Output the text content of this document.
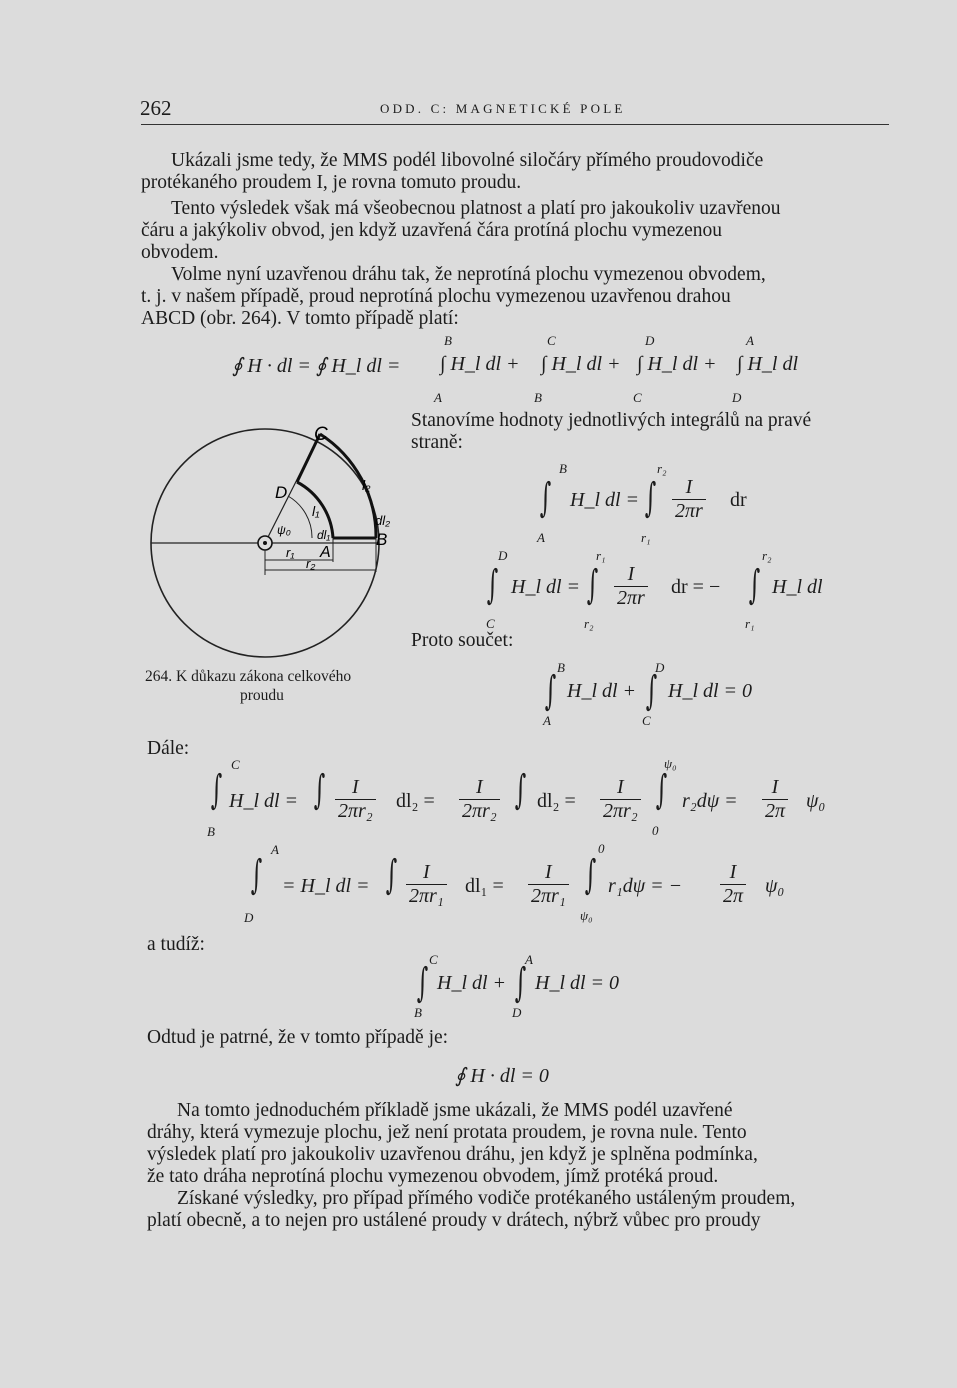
262	ODD. C: MAGNETICKÉ POLE
Ukázali jsme tedy, že MMS podél libovolné siločáry přímého proudovodiče
protékaného proudem I, je rovna tomuto proudu.
Tento výsledek však má všeobecnou platnost a platí pro jakoukoliv uzavřenou
čáru a jakýkoliv obvod, jen když uzavřená čára protíná plochu vymezenou
obvodem.
Volme nyní uzavřenou dráhu tak, že neprotíná plochu vymezenou obvodem,
t. j. v našem případě, proud neprotíná plochu vymezenou uzavřenou drahou
ABCD (obr. 264). V tomto případě platí:
∮ H · dl = ∮ H_l dl = ∫ H_l dl + ∫ H_l dl + ∫ H_l dl + ∫ H_l dl
B	C	D	A
A	B	C	D
Stanovíme hodnoty jednotlivých integrálů na pravé
straně:
B
A
∫ H_l dl =
r₂
r₁
∫ $\frac{I}{2\pi r}$ dr
D
C
∫ H_l dl =
r₁
r₂
∫ $\frac{I}{2\pi r}$ dr = −
r₂
r₁
∫ H_l dl
Proto součet:
B
A
∫ H_l dl +
D
C
∫ H_l dl = 0
C
D
B
A
l₂
l₁
dl₂
dl₁
ψ₀
r₁
r₂
264. K důkazu zákona celkového
proudu
Dále:
C
B
∫ H_l dl = ∫ $\frac{I}{\text{2πr₂}} dl_2 = \frac{I}{\text{2πr₂}}$ ∫ $dl_2 = \frac{I}{\text{2πr₂}}$
ψ₀
0
∫ $r_2d\psi = \frac{I}{2\pi} \psi_0$
A
D
∫ = H_l dl = ∫ $\frac{I}{\text{2πr₁}} dl_1 = \frac{I}{\text{2πr₁}}$
0
ψ₀
∫ r₁dψ = − $\frac{I}{2\pi} \psi_0$
a tudíž:
C
B
∫ H_l dl +
A
D
∫ H_l dl = 0
Odtud je patrné, že v tomto případě je:
∮ H · dl = 0
Na tomto jednoduchém příkladě jsme ukázali, že MMS podél uzavřené
dráhy, která vymezuje plochu, jež není protata proudem, je rovna nule. Tento
výsledek platí pro jakoukoliv uzavřenou dráhu, jen když je splněna podmínka,
že tato dráha neprotíná plochu vymezenou obvodem, jímž protéká proud.
Získané výsledky, pro případ přímého vodiče protékaného ustáleným proudem,
platí obecně, a to nejen pro ustálené proudy v drátech, nýbrž vůbec pro proudy
